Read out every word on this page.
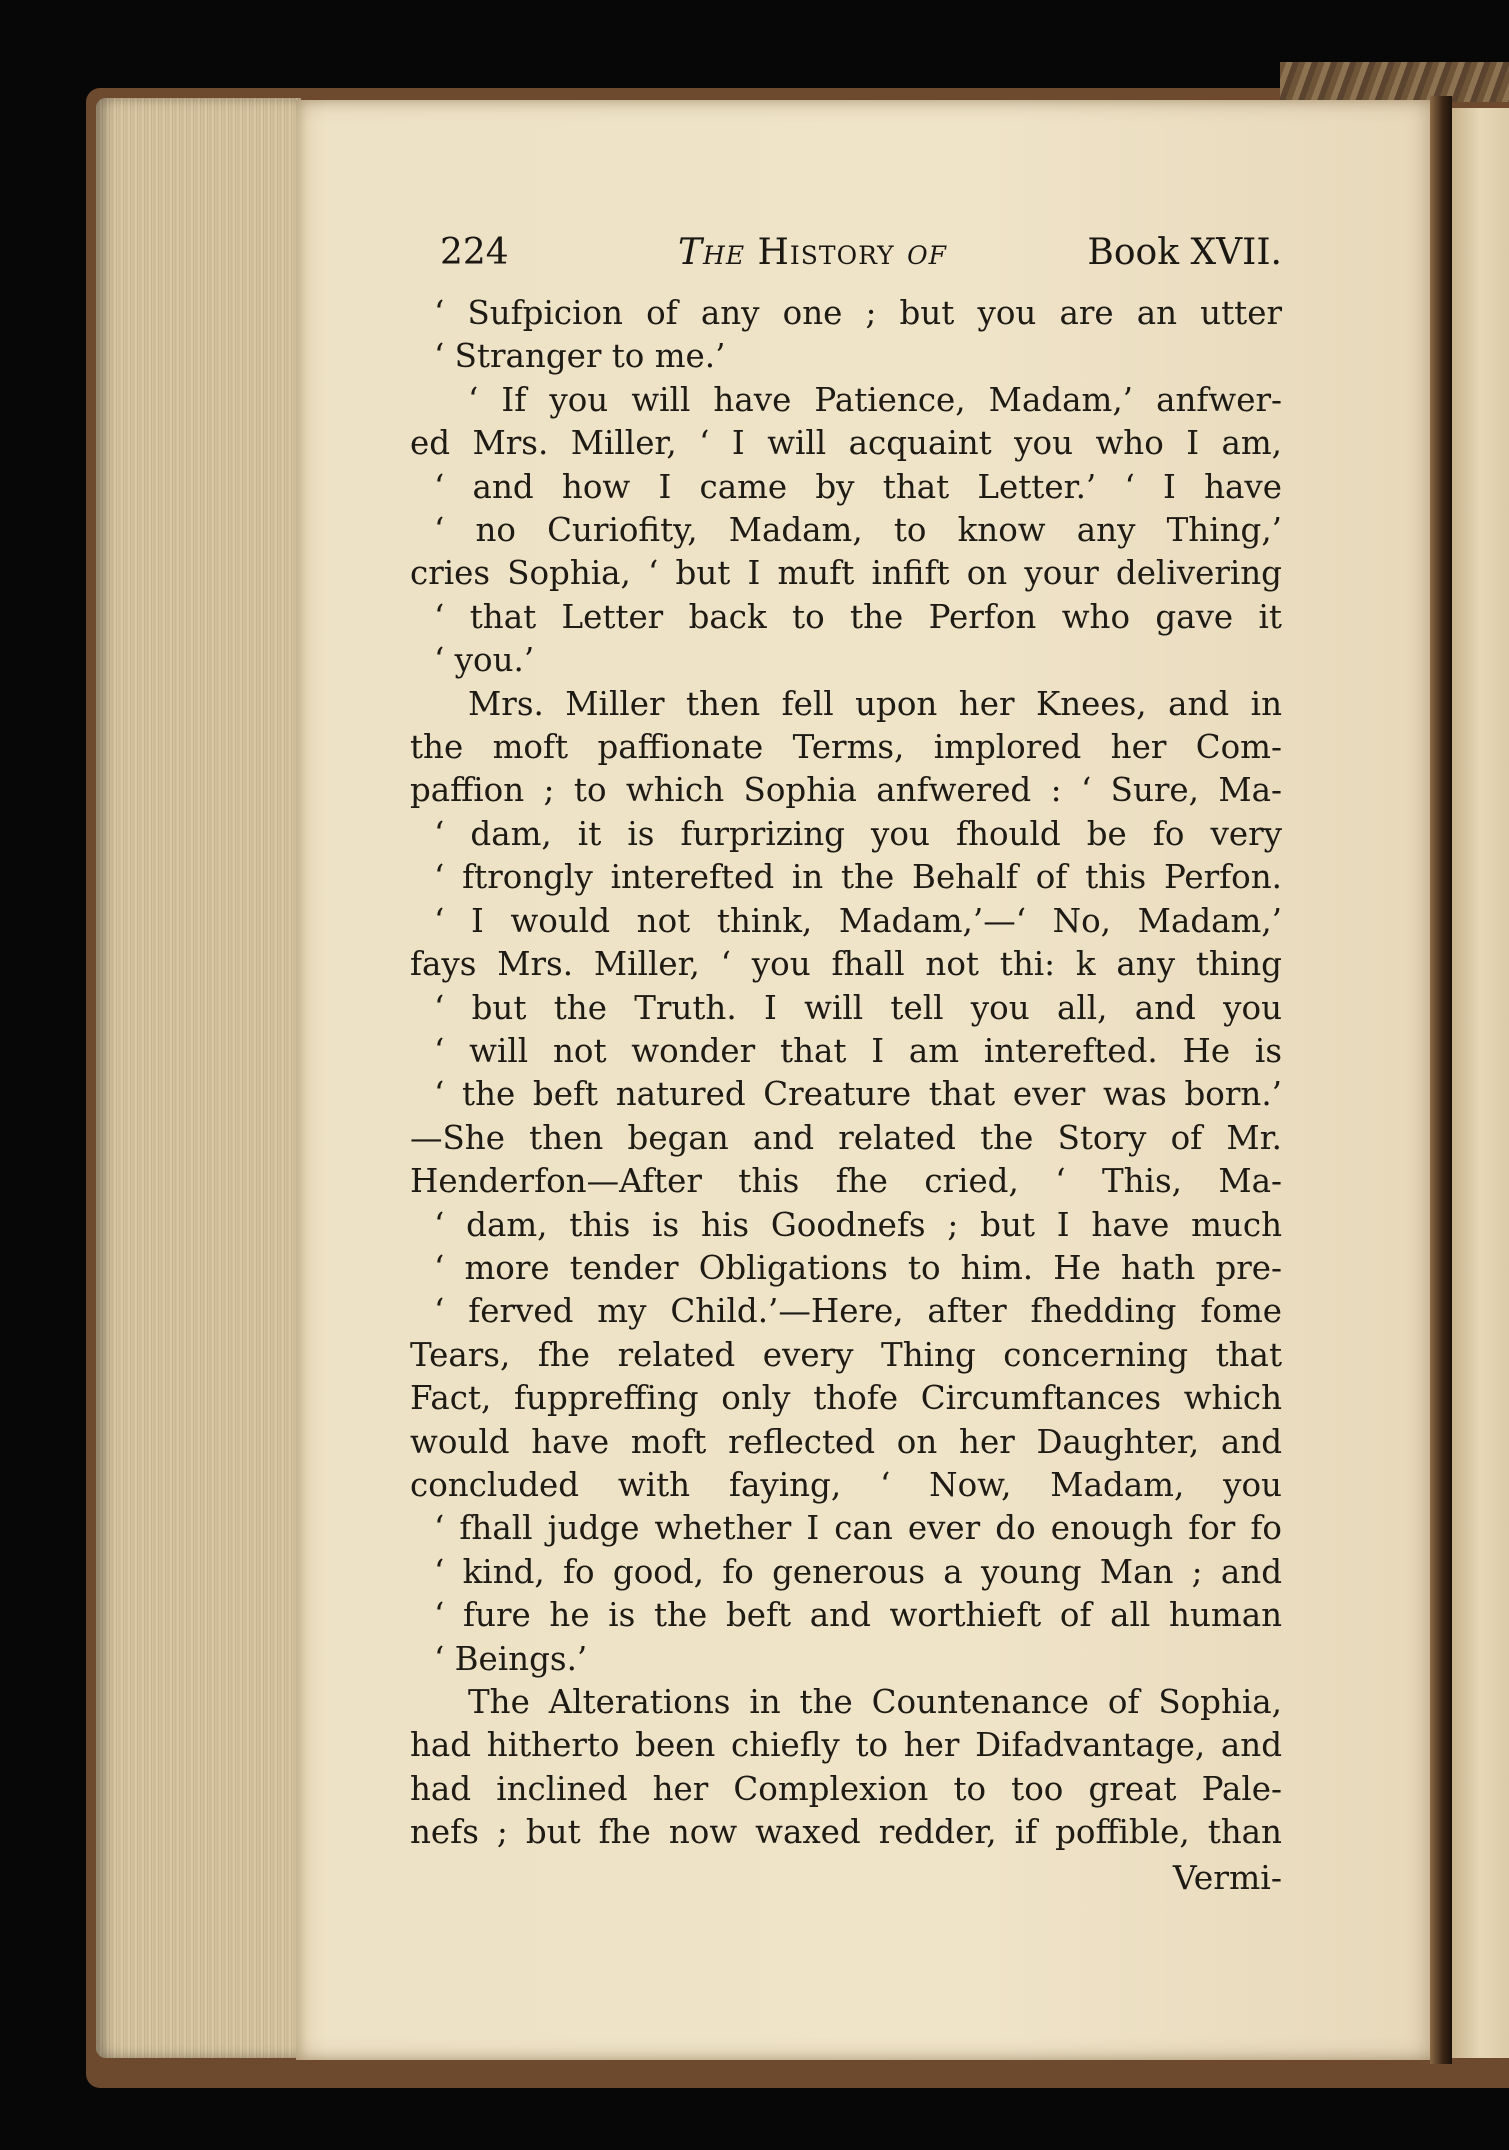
224	The History of	Book XVII.
‘ Sufpicion of any one ; but you are an utter
‘ Stranger to me.’
‘ If you will have Patience, Madam,’ anfwer-
ed Mrs. Miller, ‘ I will acquaint you who I am,
‘ and how I came by that Letter.’ ‘ I have
‘ no Curiofity, Madam, to know any Thing,’
cries Sophia, ‘ but I muft infift on your delivering
‘ that Letter back to the Perfon who gave it
‘ you.’
Mrs. Miller then fell upon her Knees, and in
the moft paffionate Terms, implored her Com-
paffion ; to which Sophia anfwered : ‘ Sure, Ma-
‘ dam, it is furprizing you fhould be fo very
‘ ftrongly interefted in the Behalf of this Perfon.
‘ I would not think, Madam,’—‘ No, Madam,’
fays Mrs. Miller, ‘ you fhall not thi: k any thing
‘ but the Truth. I will tell you all, and you
‘ will not wonder that I am interefted. He is
‘ the beft natured Creature that ever was born.’
—She then began and related the Story of Mr.
Henderfon—After this fhe cried, ‘ This, Ma-
‘ dam, this is his Goodnefs ; but I have much
‘ more tender Obligations to him. He hath pre-
‘ ferved my Child.’—Here, after fhedding fome
Tears, fhe related every Thing concerning that
Fact, fuppreffing only thofe Circumftances which
would have moft reflected on her Daughter, and
concluded with faying, ‘ Now, Madam, you
‘ fhall judge whether I can ever do enough for fo
‘ kind, fo good, fo generous a young Man ; and
‘ fure he is the beft and worthieft of all human
‘ Beings.’
The Alterations in the Countenance of Sophia,
had hitherto been chiefly to her Difadvantage, and
had inclined her Complexion to too great Pale-
nefs ; but fhe now waxed redder, if poffible, than
Vermi-
